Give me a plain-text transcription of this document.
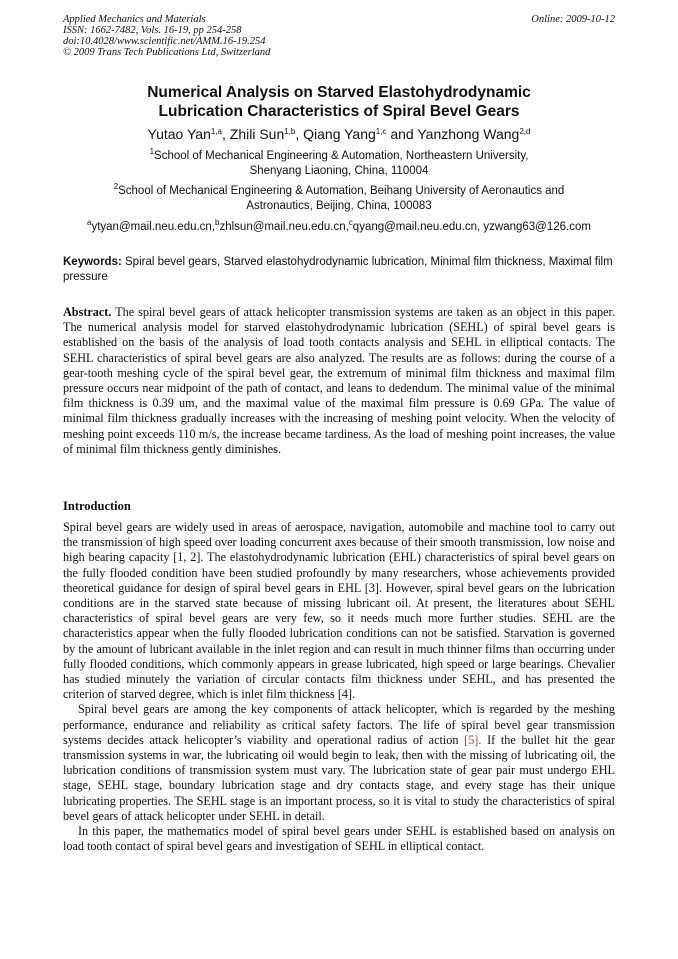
Applied Mechanics and Materials
ISSN: 1662-7482, Vols. 16-19, pp 254-258
doi:10.4028/www.scientific.net/AMM.16-19.254
© 2009 Trans Tech Publications Ltd, Switzerland
Online: 2009-10-12
Numerical Analysis on Starved Elastohydrodynamic
Lubrication Characteristics of Spiral Bevel Gears
Yutao Yan$^{1,a}$, Zhili Sun$^{1,b}$, Qiang Yang$^{1,c}$ and Yanzhong Wang$^{2,d}$
$^1$School of Mechanical Engineering & Automation, Northeastern University,
Shenyang Liaoning, China, 110004
$^2$School of Mechanical Engineering & Automation, Beihang University of Aeronautics and
Astronautics, Beijing, China, 100083
$^a$ytyan@mail.neu.edu.cn,$^b$zhlsun@mail.neu.edu.cn,$^c$qyang@mail.neu.edu.cn, yzwang63@126.com
Keywords: Spiral bevel gears, Starved elastohydrodynamic lubrication, Minimal film thickness, Maximal film pressure
Abstract. The spiral bevel gears of attack helicopter transmission systems are taken as an object in this paper. The numerical analysis model for starved elastohydrodynamic lubrication (SEHL) of spiral bevel gears is established on the basis of the analysis of load tooth contacts analysis and SEHL in elliptical contacts. The SEHL characteristics of spiral bevel gears are also analyzed. The results are as follows: during the course of a gear-tooth meshing cycle of the spiral bevel gear, the extremum of minimal film thickness and maximal film pressure occurs near midpoint of the path of contact, and leans to dedendum. The minimal value of the minimal film thickness is 0.39 um, and the maximal value of the maximal film pressure is 0.69 GPa. The value of minimal film thickness gradually increases with the increasing of meshing point velocity. When the velocity of meshing point exceeds 110 m/s, the increase became tardiness. As the load of meshing point increases, the value of minimal film thickness gently diminishes.
Introduction

Spiral bevel gears are widely used in areas of aerospace, navigation, automobile and machine tool to carry out the transmission of high speed over loading concurrent axes because of their smooth transmission, low noise and high bearing capacity [1, 2]. The elastohydrodynamic lubrication (EHL) characteristics of spiral bevel gears on the fully flooded condition have been studied profoundly by many researchers, whose achievements provided theoretical guidance for design of spiral bevel gears in EHL [3]. However, spiral bevel gears on the lubrication conditions are in the starved state because of missing lubricant oil. At present, the literatures about SEHL characteristics of spiral bevel gears are very few, so it needs much more further studies. SEHL are the characteristics appear when the fully flooded lubrication conditions can not be satisfied. Starvation is governed by the amount of lubricant available in the inlet region and can result in much thinner films than occurring under fully flooded conditions, which commonly appears in grease lubricated, high speed or large bearings. Chevalier has studied minutely the variation of circular contacts film thickness under SEHL, and has presented the criterion of starved degree, which is inlet film thickness [4].

Spiral bevel gears are among the key components of attack helicopter, which is regarded by the meshing performance, endurance and reliability as critical safety factors. The life of spiral bevel gear transmission systems decides attack helicopter’s viability and operational radius of action [5]. If the bullet hit the gear transmission systems in war, the lubricating oil would begin to leak, then with the missing of lubricating oil, the lubrication conditions of transmission system must vary. The lubrication state of gear pair must undergo EHL stage, SEHL stage, boundary lubrication stage and dry contacts stage, and every stage has their unique lubricating properties. The SEHL stage is an important process, so it is vital to study the characteristics of spiral bevel gears of attack helicopter under SEHL in detail.

In this paper, the mathematics model of spiral bevel gears under SEHL is established based on analysis on load tooth contact of spiral bevel gears and investigation of SEHL in elliptical contact.
